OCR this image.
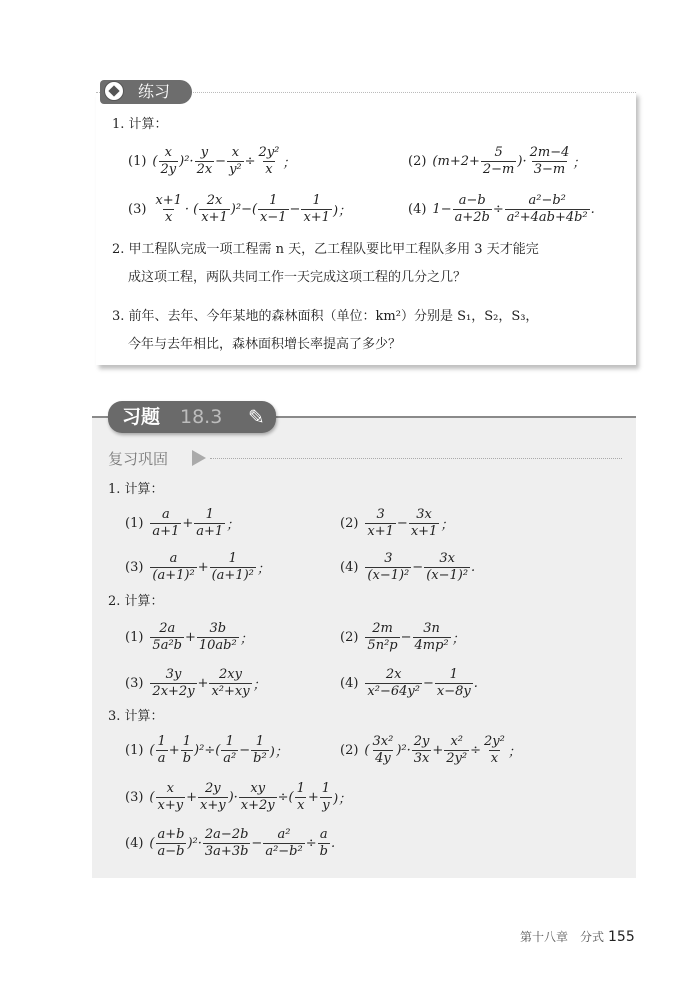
练习
1. 计算：
(1) ( $\frac{x}{2y} )^2 \cdot \frac{y}{2x} - \frac{x}{\text{y²}} \div \frac{\text{2y²}}{x}$ ；	(2) ($m+2+ \frac{5}{2-m}$ ) · $\frac{2m-4}{3-m}$ ；
$(3) \frac{x+1}{x}$ · ( $\frac{2x}{x+1} )^2$ −( $\frac{1}{x-1} - \frac{1}{x+1}$ )；	(4) $1- \frac{a-b}{a+2b} \div \frac{\text{a²−b²}}{\text{a²+4ab+4b²}}$ .
2. 甲工程队完成一项工程需 n 天，乙工程队要比甲工程队多用 3 天才能完
成这项工程，两队共同工作一天完成这项工程的几分之几？
3. 前年、去年、今年某地的森林面积（单位：km²）分别是 S₁，S₂，S₃，
今年与去年相比，森林面积增长率提高了多少？
习题 18.3 ✎
复习巩固
1. 计算：
$(1) \frac{a}{a+1} + \frac{1}{a+1}$ ；	$(2) \frac{3}{x+1} - \frac{3x}{x+1}$ ；
$(3) \frac{a}{\text{(a+1)²}} + \frac{1}{\text{(a+1)²}}$ ；	$(4) \frac{3}{\text{(x−1)²}} - \frac{3x}{\text{(x−1)²}}$ .
2. 计算：
$(1) \frac{2a}{\text{5a²b}} + \frac{3b}{\text{10ab²}}$ ；	$(2) \frac{2m}{\text{5n²p}} - \frac{3n}{\text{4mp²}}$ ；
$(3) \frac{3y}{2x+2y} + \frac{2xy}{\text{x²+xy}}$ ；	$(4) \frac{2x}{\text{x²−64y²}} - \frac{1}{x-8y}$ .
3. 计算：
(1) ( $\frac{1}{a} + \frac{1}{b} )^2$ ÷( $\frac{1}{\text{a²}} - \frac{1}{\text{b²}}$ )；	(2) ( $\frac{\text{3x²}}{4y} )^2 \cdot \frac{2y}{3x} + \frac{\text{x²}}{\text{2y²}} \div \frac{\text{2y²}}{x}$ ；
(3) ( $\frac{x}{x+y} + \frac{2y}{x+y}$ ) · $\frac{xy}{x+2y}$ ÷( $\frac{1}{x} + \frac{1}{y}$ )；
(4) ( $\frac{a+b}{a-b} )^2 \cdot \frac{2a-2b}{3a+3b} - \frac{\text{a²}}{\text{a²−b²}} \div \frac{a}{b}$ .
第十八章　分式 155
